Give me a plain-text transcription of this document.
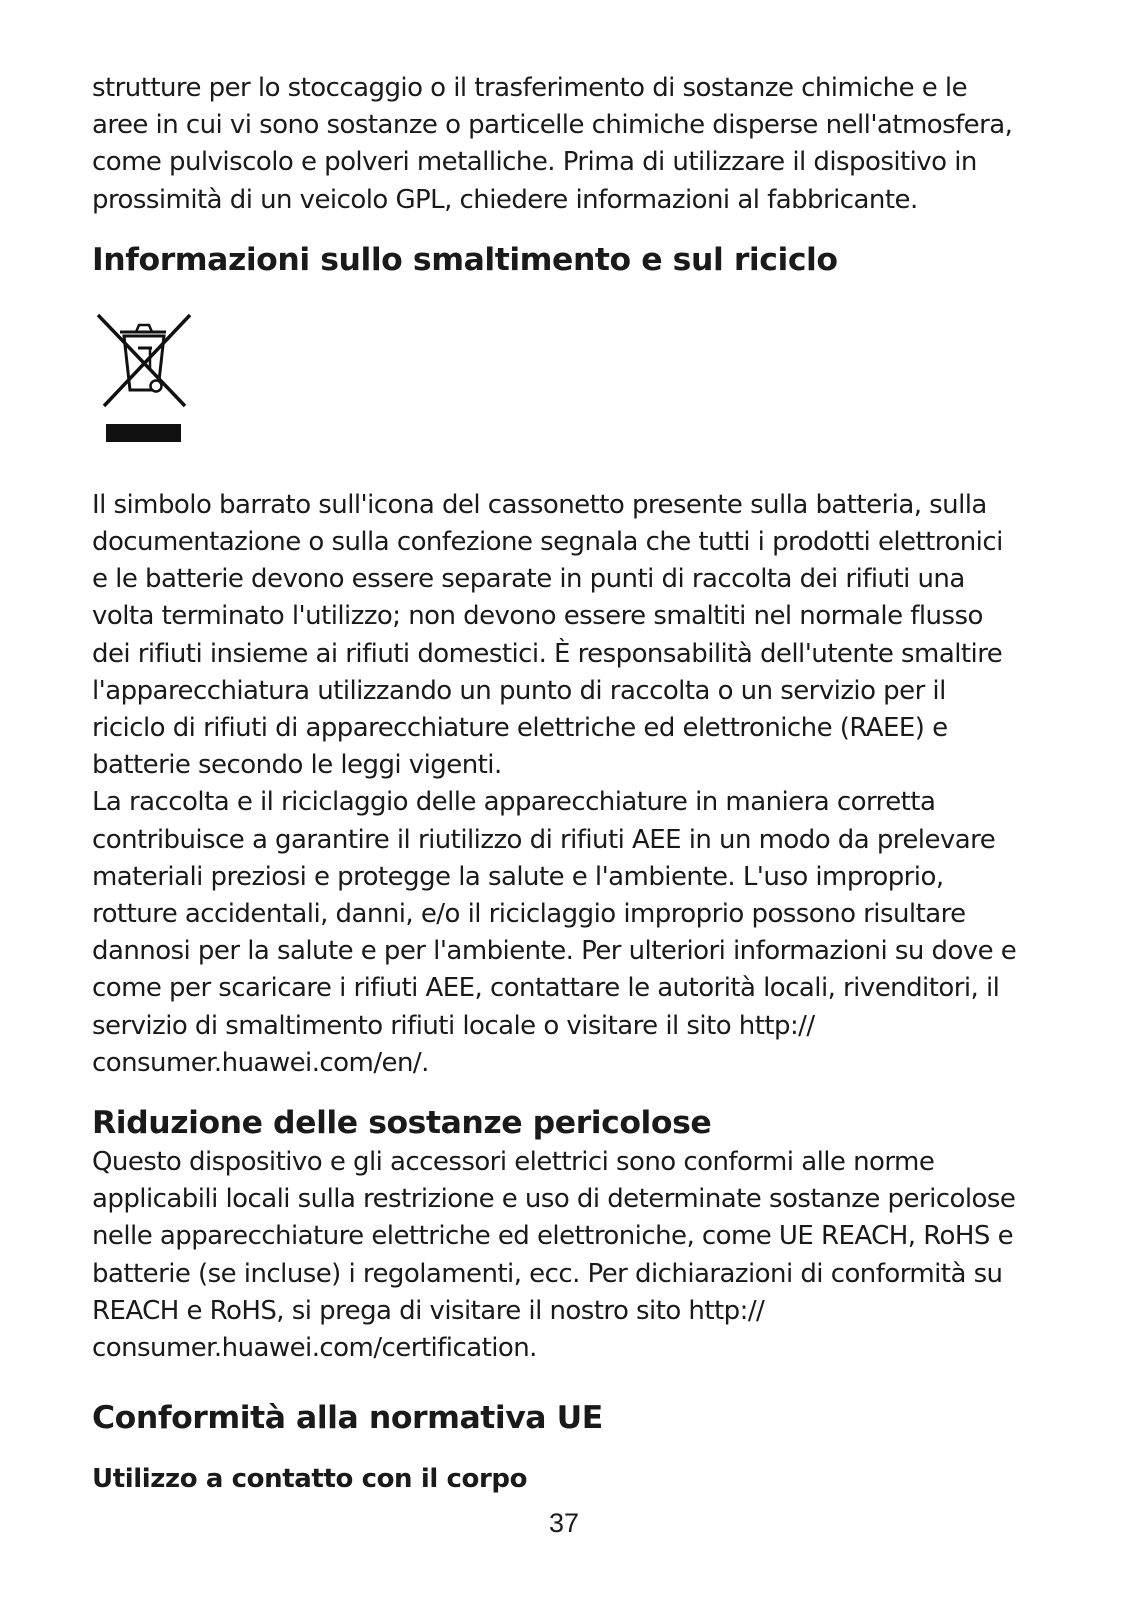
strutture per lo stoccaggio o il trasferimento di sostanze chimiche e le
aree in cui vi sono sostanze o particelle chimiche disperse nell'atmosfera,
come pulviscolo e polveri metalliche. Prima di utilizzare il dispositivo in
prossimità di un veicolo GPL, chiedere informazioni al fabbricante.

Informazioni sullo smaltimento e sul riciclo

Il simbolo barrato sull'icona del cassonetto presente sulla batteria, sulla
documentazione o sulla confezione segnala che tutti i prodotti elettronici
e le batterie devono essere separate in punti di raccolta dei rifiuti una
volta terminato l'utilizzo; non devono essere smaltiti nel normale flusso
dei rifiuti insieme ai rifiuti domestici. È responsabilità dell'utente smaltire
l'apparecchiatura utilizzando un punto di raccolta o un servizio per il
riciclo di rifiuti di apparecchiature elettriche ed elettroniche (RAEE) e
batterie secondo le leggi vigenti.
La raccolta e il riciclaggio delle apparecchiature in maniera corretta
contribuisce a garantire il riutilizzo di rifiuti AEE in un modo da prelevare
materiali preziosi e protegge la salute e l'ambiente. L'uso improprio,
rotture accidentali, danni, e/o il riciclaggio improprio possono risultare
dannosi per la salute e per l'ambiente. Per ulteriori informazioni su dove e
come per scaricare i rifiuti AEE, contattare le autorità locali, rivenditori, il
servizio di smaltimento rifiuti locale o visitare il sito http://
consumer.huawei.com/en/.

Riduzione delle sostanze pericolose

Questo dispositivo e gli accessori elettrici sono conformi alle norme
applicabili locali sulla restrizione e uso di determinate sostanze pericolose
nelle apparecchiature elettriche ed elettroniche, come UE REACH, RoHS e
batterie (se incluse) i regolamenti, ecc. Per dichiarazioni di conformità su
REACH e RoHS, si prega di visitare il nostro sito http://
consumer.huawei.com/certification.

Conformità alla normativa UE
Utilizzo a contatto con il corpo
37
